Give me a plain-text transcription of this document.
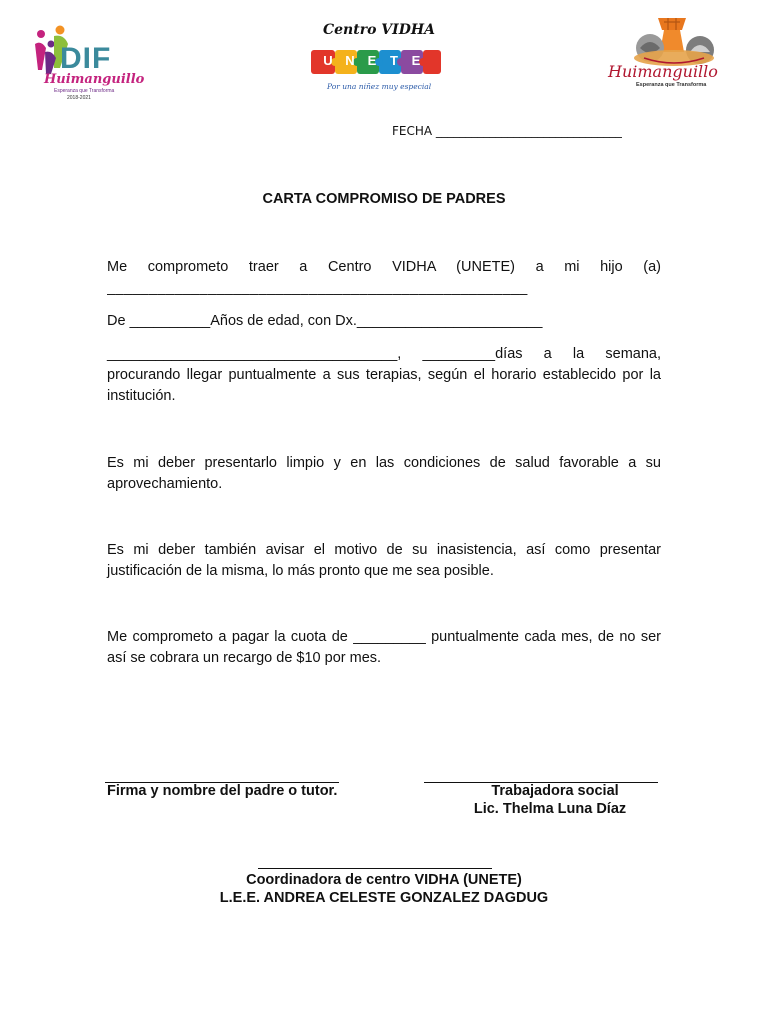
DIF
Huimanguillo
Esperanza que Transforma
2018-2021
Centro VIDHA
U N E	T	E
Por una niñez muy especial
Huimanguillo
Esperanza que Transforma
FECHA _______________________________
CARTA COMPROMISO DE PADRES
Me comprometo traer a Centro VIDHA (UNETE) a mi hijo (a)
__________________________________________________
De __________Años de edad, con Dx._______________________
____________________________________, _________días a la semana,
procurando llegar puntualmente a sus terapias, según el horario establecido por la institución.
Es mi deber presentarlo limpio y en las condiciones de salud favorable a su aprovechamiento.
Es mi deber también avisar el motivo de su inasistencia, así como presentar justificación de la misma, lo más pronto que me sea posible.
Me comprometo a pagar la cuota de _________ puntualmente cada mes, de no ser así se cobrara un recargo de $10 por mes.
Firma y nombre del padre o tutor.	Trabajadora social
Lic. Thelma Luna Díaz
Coordinadora de centro VIDHA (UNETE)
L.E.E. ANDREA CELESTE GONZALEZ DAGDUG
